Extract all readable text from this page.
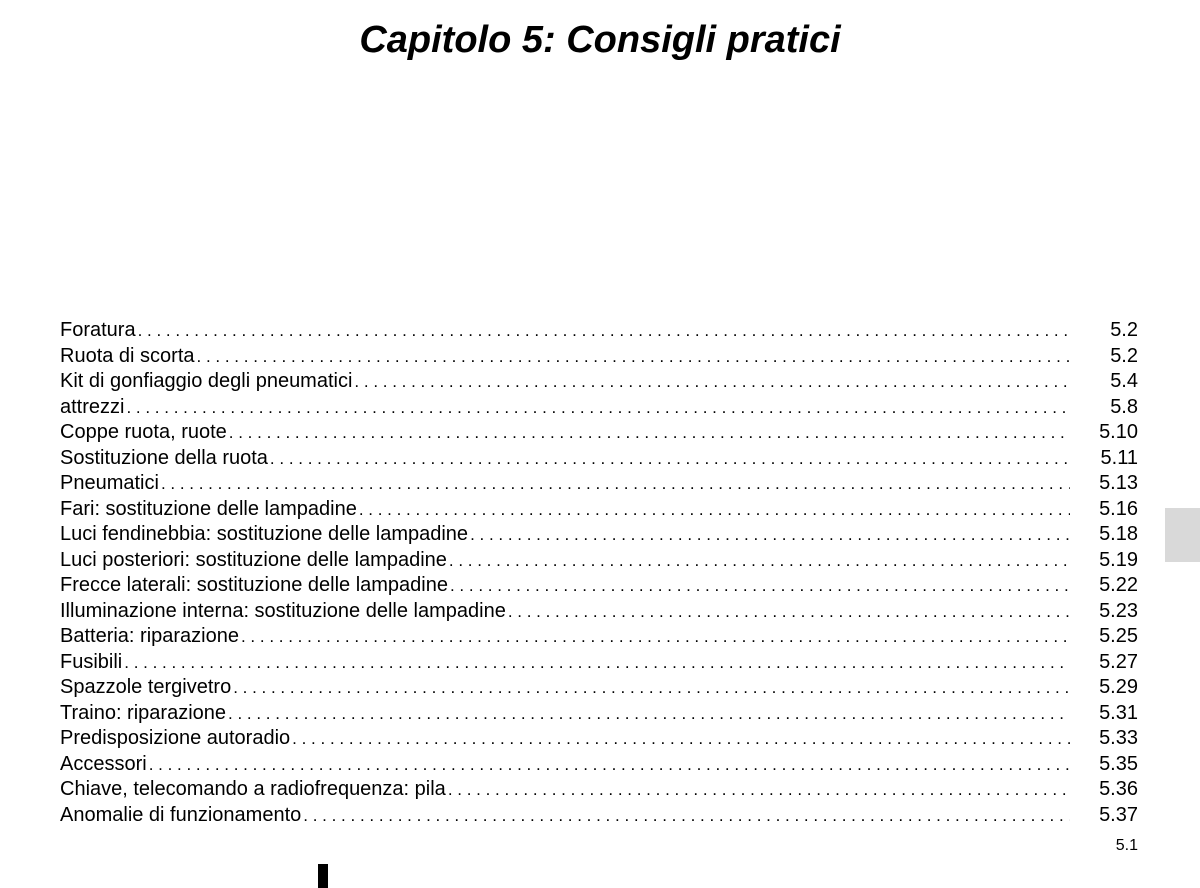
Capitolo 5: Consigli pratici
Foratura . . .	5.2
Ruota di scorta . . .	5.2
Kit di gonfiaggio degli pneumatici . . .	5.4
attrezzi . . .	5.8
Coppe ruota, ruote . . .	5.10
Sostituzione della ruota . . .	5.11
Pneumatici . . .	5.13
Fari: sostituzione delle lampadine . . .	5.16
Luci fendinebbia: sostituzione delle lampadine . . .	5.18
Luci posteriori: sostituzione delle lampadine . . .	5.19
Frecce laterali: sostituzione delle lampadine . . .	5.22
Illuminazione interna: sostituzione delle lampadine . . .	5.23
Batteria: riparazione . . .	5.25
Fusibili . . .	5.27
Spazzole tergivetro . . .	5.29
Traino: riparazione . . .	5.31
Predisposizione autoradio . . .	5.33
Accessori . . .	5.35
Chiave, telecomando a radiofrequenza: pila . . .	5.36
Anomalie di funzionamento . . .	5.37
5.1
